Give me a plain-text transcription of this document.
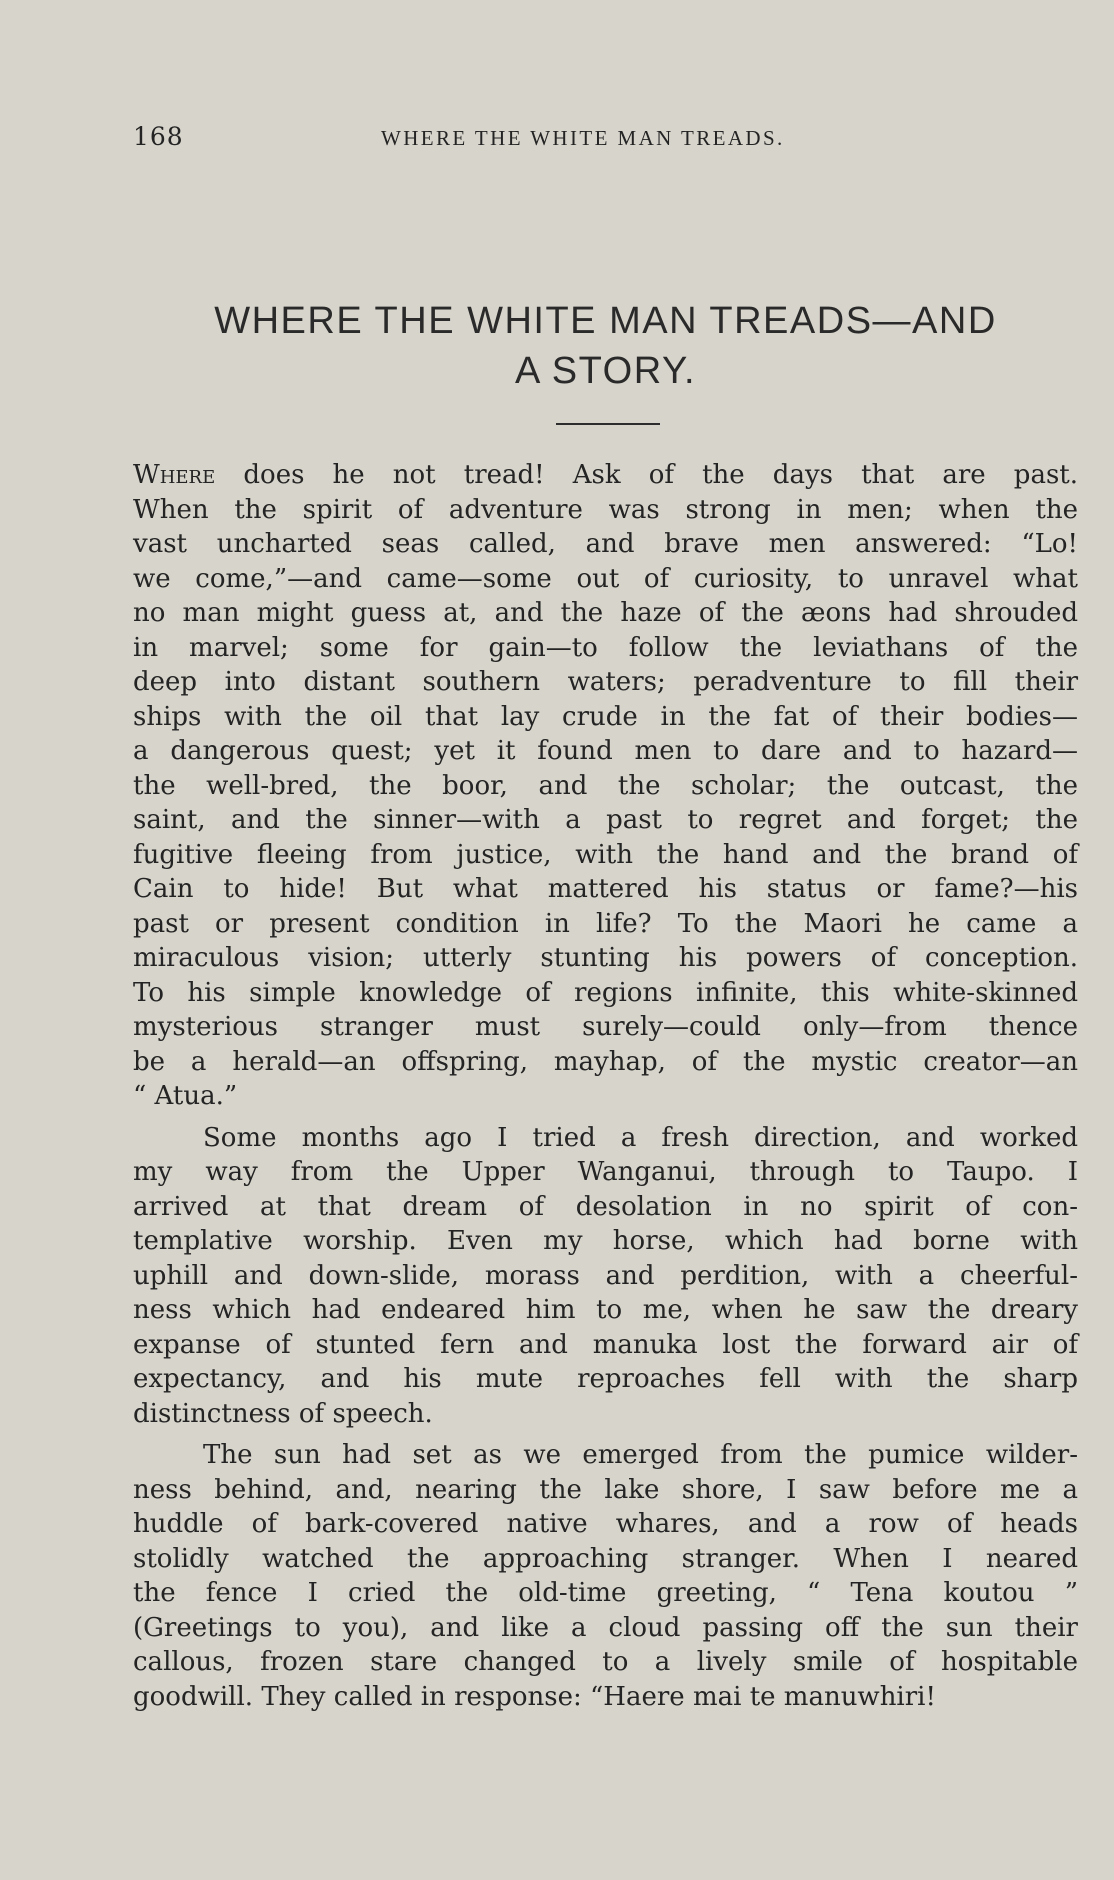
168	WHERE THE WHITE MAN TREADS.
WHERE THE WHITE MAN TREADS—AND
A STORY.

Where does he not tread! Ask of the days that are past.

When the spirit of adventure was strong in men; when the

vast uncharted seas called, and brave men answered: “Lo!

we come,”—and came—some out of curiosity, to unravel what

no man might guess at, and the haze of the æons had shrouded

in marvel; some for gain—to follow the leviathans of the

deep into distant southern waters; peradventure to fill their

ships with the oil that lay crude in the fat of their bodies—

a dangerous quest; yet it found men to dare and to hazard—

the well-bred, the boor, and the scholar; the outcast, the

saint, and the sinner—with a past to regret and forget; the

fugitive fleeing from justice, with the hand and the brand of

Cain to hide! But what mattered his status or fame?—his

past or present condition in life? To the Maori he came a

miraculous vision; utterly stunting his powers of conception.

To his simple knowledge of regions infinite, this white-skinned

mysterious stranger must surely—could only—from thence

be a herald—an offspring, mayhap, of the mystic creator—an

“ Atua.”

Some months ago I tried a fresh direction, and worked

my way from the Upper Wanganui, through to Taupo. I

arrived at that dream of desolation in no spirit of con-

templative worship. Even my horse, which had borne with

uphill and down-slide, morass and perdition, with a cheerful-

ness which had endeared him to me, when he saw the dreary

expanse of stunted fern and manuka lost the forward air of

expectancy, and his mute reproaches fell with the sharp

distinctness of speech.

The sun had set as we emerged from the pumice wilder-

ness behind, and, nearing the lake shore, I saw before me a

huddle of bark-covered native whares, and a row of heads

stolidly watched the approaching stranger. When I neared

the fence I cried the old-time greeting, “ Tena koutou ”

(Greetings to you), and like a cloud passing off the sun their

callous, frozen stare changed to a lively smile of hospitable

goodwill. They called in response: “Haere mai te manuwhiri!
